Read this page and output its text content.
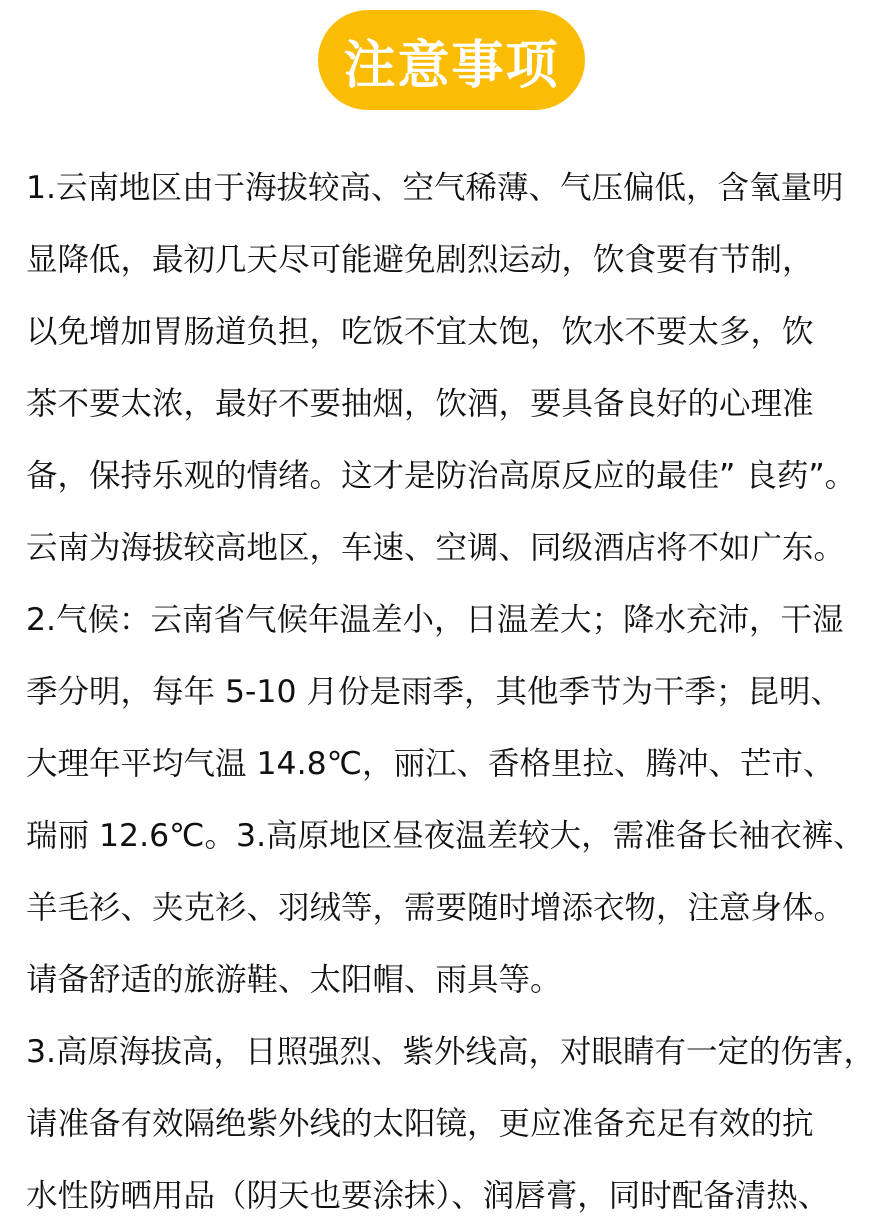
注意事项
1.云南地区由于海拔较高、空气稀薄、气压偏低，含氧量明
显降低，最初几天尽可能避免剧烈运动，饮食要有节制，
以免增加胃肠道负担，吃饭不宜太饱，饮水不要太多，饮
茶不要太浓，最好不要抽烟，饮酒，要具备良好的心理准
备，保持乐观的情绪。这才是防治高原反应的最佳” 良药”。
云南为海拔较高地区，车速、空调、同级酒店将不如广东。
2.气候：云南省气候年温差小，日温差大；降水充沛，干湿
季分明，每年 5-10 月份是雨季，其他季节为干季；昆明、
大理年平均气温 14.8℃，丽江、香格里拉、腾冲、芒市、
瑞丽 12.6℃。3.高原地区昼夜温差较大，需准备长袖衣裤、
羊毛衫、夹克衫、羽绒等，需要随时增添衣物，注意身体。
请备舒适的旅游鞋、太阳帽、雨具等。
3.高原海拔高，日照强烈、紫外线高，对眼睛有一定的伤害，
请准备有效隔绝紫外线的太阳镜，更应准备充足有效的抗
水性防晒用品（阴天也要涂抹）、润唇膏，同时配备清热、
